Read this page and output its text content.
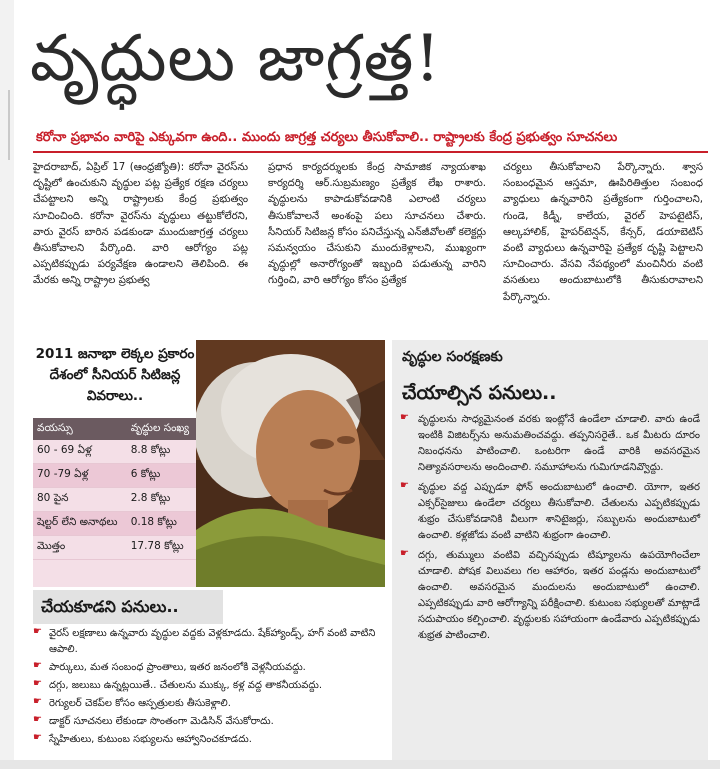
వృద్ధులు జాగ్రత్త!
కరోనా ప్రభావం వారిపై ఎక్కువగా ఉంది.. ముందు జాగ్రత్త చర్యలు తీసుకోవాలి.. రాష్ట్రాలకు కేంద్ర ప్రభుత్వం సూచనలు

హైదరాబాద్, ఏప్రిల్ 17 (ఆంధ్రజ్యోతి): కరోనా వైరస్‌ను దృష్టిలో ఉంచుకుని వృద్ధుల పట్ల ప్రత్యేక రక్షణ చర్యలు చేపట్టాలని అన్ని రాష్ట్రాలకు కేంద్ర ప్రభుత్వం సూచించింది. కరోనా వైరస్‌ను వృద్ధులు తట్టుకోలేరని, వారు వైరస్ బారిన పడకుండా ముందుజాగ్రత్త చర్యలు తీసుకోవాలని పేర్కొంది. వారి ఆరోగ్యం పట్ల ఎప్పటికప్పుడు పర్యవేక్షణ ఉండాలని తెలిపింది. ఈ మేరకు అన్ని రాష్ట్రాల ప్రభుత్వ

ప్రధాన కార్యదర్శులకు కేంద్ర సామాజిక న్యాయశాఖ కార్యదర్శి ఆర్.సుబ్రమణ్యం ప్రత్యేక లేఖ రాశారు. వృద్ధులను కాపాడుకోవడానికి ఎలాంటి చర్యలు తీసుకోవాలనే అంశంపై పలు సూచనలు చేశారు. సీనియర్ సిటిజన్ల కోసం పనిచేస్తున్న ఎన్‌జీవోలతో కలెక్టర్లు సమన్వయం చేసుకుని ముందుకెళ్లాలని, ముఖ్యంగా వృద్ధుల్లో అనారోగ్యంతో ఇబ్బంది పడుతున్న వారిని గుర్తించి, వారి ఆరోగ్యం కోసం ప్రత్యేక

చర్యలు తీసుకోవాలని పేర్కొన్నారు. శ్వాస సంబంధమైన ఆస్తమా, ఊపిరితిత్తుల సంబంధ వ్యాధులు ఉన్నవారిని ప్రత్యేకంగా గుర్తించాలని, గుండె, కిడ్నీ, కాలేయ, వైరల్ హెపటైటిస్, ఆల్కహాలిక్, హైపర్‌టెన్షన్, కేన్సర్, డయాబెటిస్ వంటి వ్యాధులు ఉన్నవారిపై ప్రత్యేక దృష్టి పెట్టాలని సూచించారు. వేసవి నేపథ్యంలో మంచినీరు వంటి వసతులు అందుబాటులోకి తీసుకురావాలని పేర్కొన్నారు.

2011 జనాభా లెక్కల ప్రకారం దేశంలో సీనియర్ సిటిజన్ల వివరాలు..
వయస్సు	వృద్ధుల సంఖ్య
60 - 69 ఏళ్ల	8.8 కోట్లు
70 -79 ఏళ్ల	6 కోట్లు
80 పైన	2.8 కోట్లు
షెల్టర్ లేని అనాథలు	0.18 కోట్లు
మొత్తం	17.78 కోట్లు
చేయకూడని పనులు..
☛ వైరస్ లక్షణాలు ఉన్నవారు వృద్ధుల వద్దకు వెళ్లకూడదు. షేక్‌హ్యాండ్స్, హగ్ వంటి వాటిని ఆపాలి.
☛ పార్కులు, మత సంబంధ ప్రాంతాలు, ఇతర జనంలోకి వెళ్లనీయవద్దు.
☛ దగ్గు, జలుబు ఉన్నట్లయితే.. చేతులను ముక్కు, కళ్ల వద్ద తాకనీయవద్దు.
☛ రెగ్యులర్ చెకప్‌ల కోసం ఆస్పత్రులకు తీసుకెళ్లాలి.
☛ డాక్టర్ సూచనలు లేకుండా సొంతంగా మెడిసిన్ వేసుకోరాదు.
☛ స్నేహితులు, కుటుంబ సభ్యులను ఆహ్వానించకూడదు.
వృద్ధుల సంరక్షణకు
చేయాల్సిన పనులు..
☛ వృద్ధులను సాధ్యమైనంత వరకు ఇంట్లోనే ఉండేలా చూడాలి. వారు ఉండే ఇంటికి విజిటర్స్‌ను అనుమతించవద్దు. తప్పనిసరైతే.. ఒక మీటరు దూరం నిబంధనను పాటించాలి. ఒంటరిగా ఉండే వారికి అవసరమైన నిత్యావసరాలను అందించాలి. సమూహాలను గుమిగూడనివ్వొద్దు.
☛ వృద్ధుల వద్ద ఎప్పుడూ ఫోన్ అందుబాటులో ఉంచాలి. యోగా, ఇతర ఎక్సర్‌సైజులు ఉండేలా చర్యలు తీసుకోవాలి. చేతులను ఎప్పటికప్పుడు శుభ్రం చేసుకోవడానికి వీలుగా శానిటైజర్లు, సబ్బులను అందుబాటులో ఉంచాలి. కళ్లజోడు వంటి వాటిని శుభ్రంగా ఉంచాలి.
☛ దగ్గు, తుమ్ములు వంటివి వచ్చినప్పుడు టిష్యూలను ఉపయోగించేలా చూడాలి. పోషక విలువలు గల ఆహారం, ఇతర పండ్లను అందుబాటులో ఉంచాలి. అవసరమైన మందులను అందుబాటులో ఉంచాలి. ఎప్పటికప్పుడు వారి ఆరోగ్యాన్ని పరీక్షించాలి. కుటుంబ సభ్యులతో మాట్లాడే సదుపాయం కల్పించాలి. వృద్ధులకు సహాయంగా ఉండేవారు ఎప్పటికప్పుడు శుభ్రత పాటించాలి.
